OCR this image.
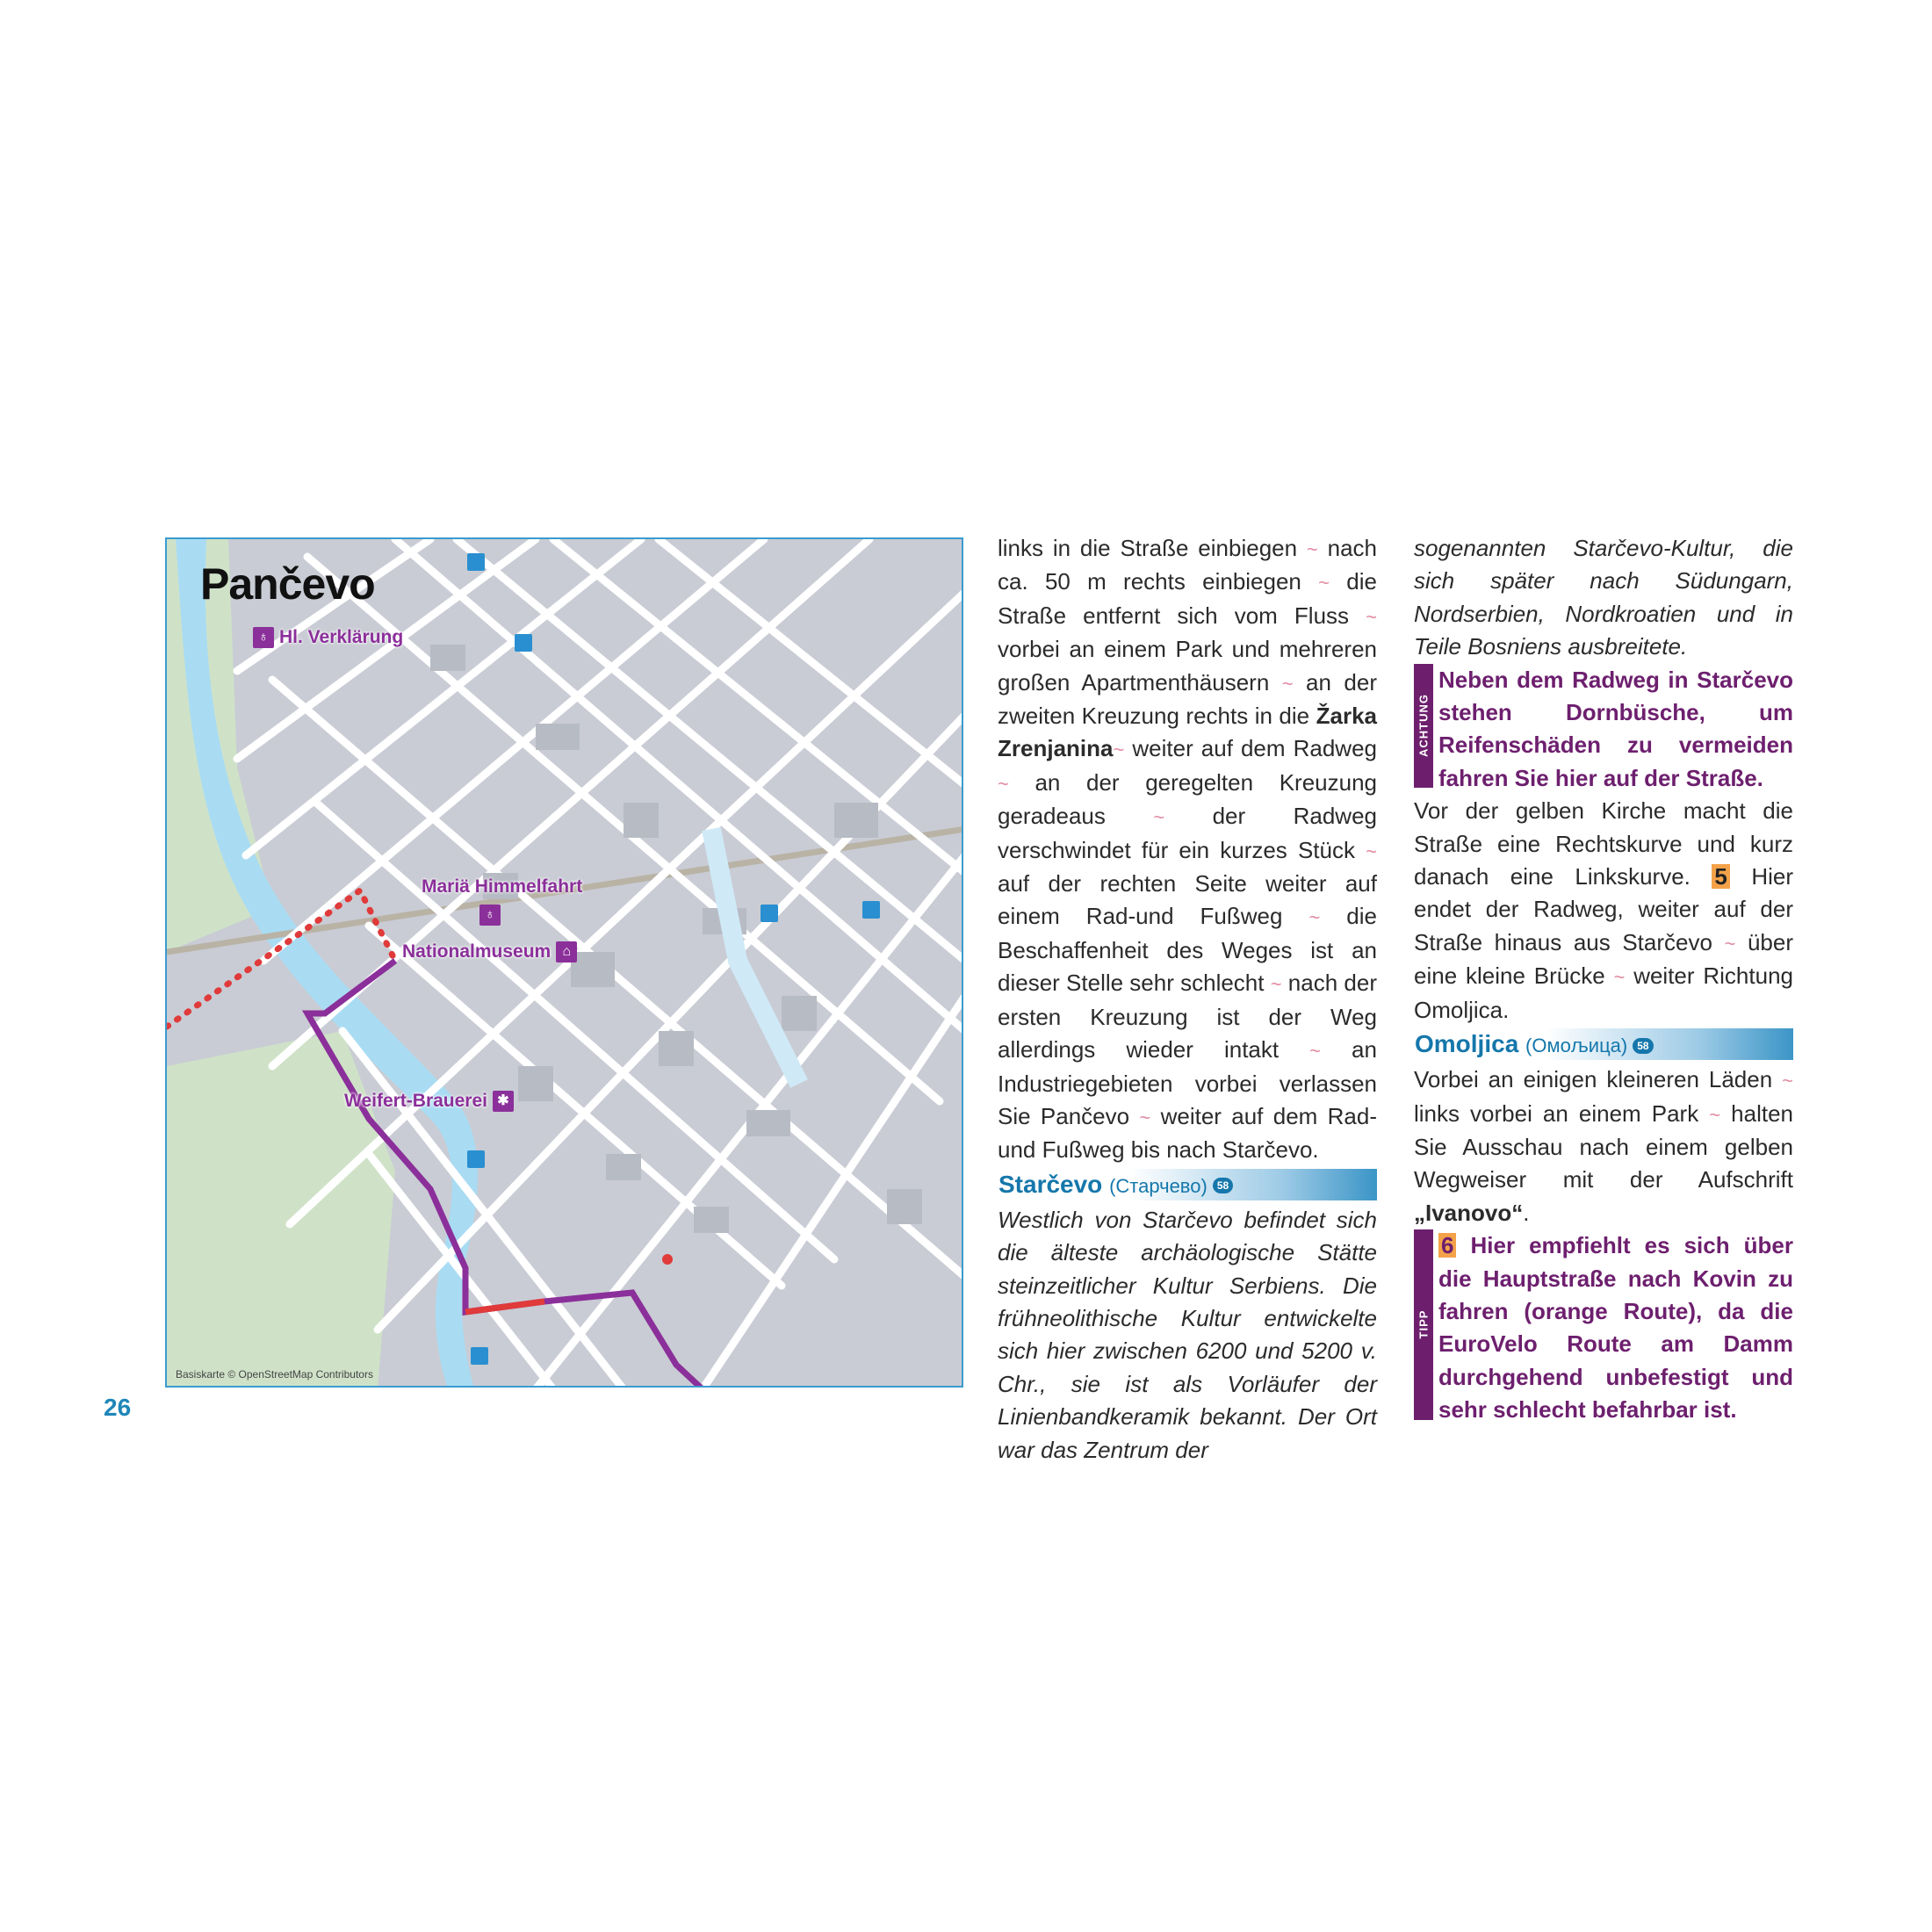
Pančevo
♁ Hl. Verklärung
Mariä Himmelfahrt
♁
Nationalmuseum ⌂
Weifert-Brauerei ✱
Basiskarte © OpenStreetMap Contributors
26

links in die Straße einbiegen ~ nach ca. 50 m rechts einbiegen ~ die Straße entfernt sich vom Fluss ~ vorbei an einem Park und mehreren großen Apartmenthäusern ~ an der zweiten Kreuzung rechts in die Žarka Zrenjanina~ weiter auf dem Radweg ~ an der geregelten Kreuzung geradeaus ~ der Radweg verschwindet für ein kurzes Stück ~ auf der rechten Seite weiter auf einem Rad-und Fußweg ~ die Beschaffenheit des Weges ist an dieser Stelle sehr schlecht ~ nach der ersten Kreuzung ist der Weg allerdings wieder intakt ~ an Industriegebieten vorbei verlassen Sie Pančevo ~ weiter auf dem Rad-und Fußweg bis nach Starčevo.

Starčevo (Старчево) 58

Westlich von Starčevo befindet sich die älteste archäologische Stätte steinzeitlicher Kultur Serbiens. Die frühneolithische Kultur entwickelte sich hier zwischen 6200 und 5200 v. Chr., sie ist als Vorläufer der Linienbandkeramik bekannt. Der Ort war das Zentrum der

sogenannten Starčevo-Kultur, die sich später nach Südungarn, Nordserbien, Nordkroatien und in Teile Bosniens ausbreitete.

ACHTUNG

Neben dem Radweg in Starčevo stehen Dornbüsche, um Reifenschäden zu vermeiden fahren Sie hier auf der Straße.

Vor der gelben Kirche macht die Straße eine Rechtskurve und kurz danach eine Linkskurve. 5 Hier endet der Radweg, weiter auf der Straße hinaus aus Starčevo ~ über eine kleine Brücke ~ weiter Richtung Omoljica.

Omoljica (Омољица) 58

Vorbei an einigen kleineren Läden ~ links vorbei an einem Park ~ halten Sie Ausschau nach einem gelben Wegweiser mit der Aufschrift „Ivanovo“.

TIPP

6 Hier empfiehlt es sich über die Hauptstraße nach Kovin zu fahren (orange Route), da die EuroVelo Route am Damm durchgehend unbefestigt und sehr schlecht befahrbar ist.
